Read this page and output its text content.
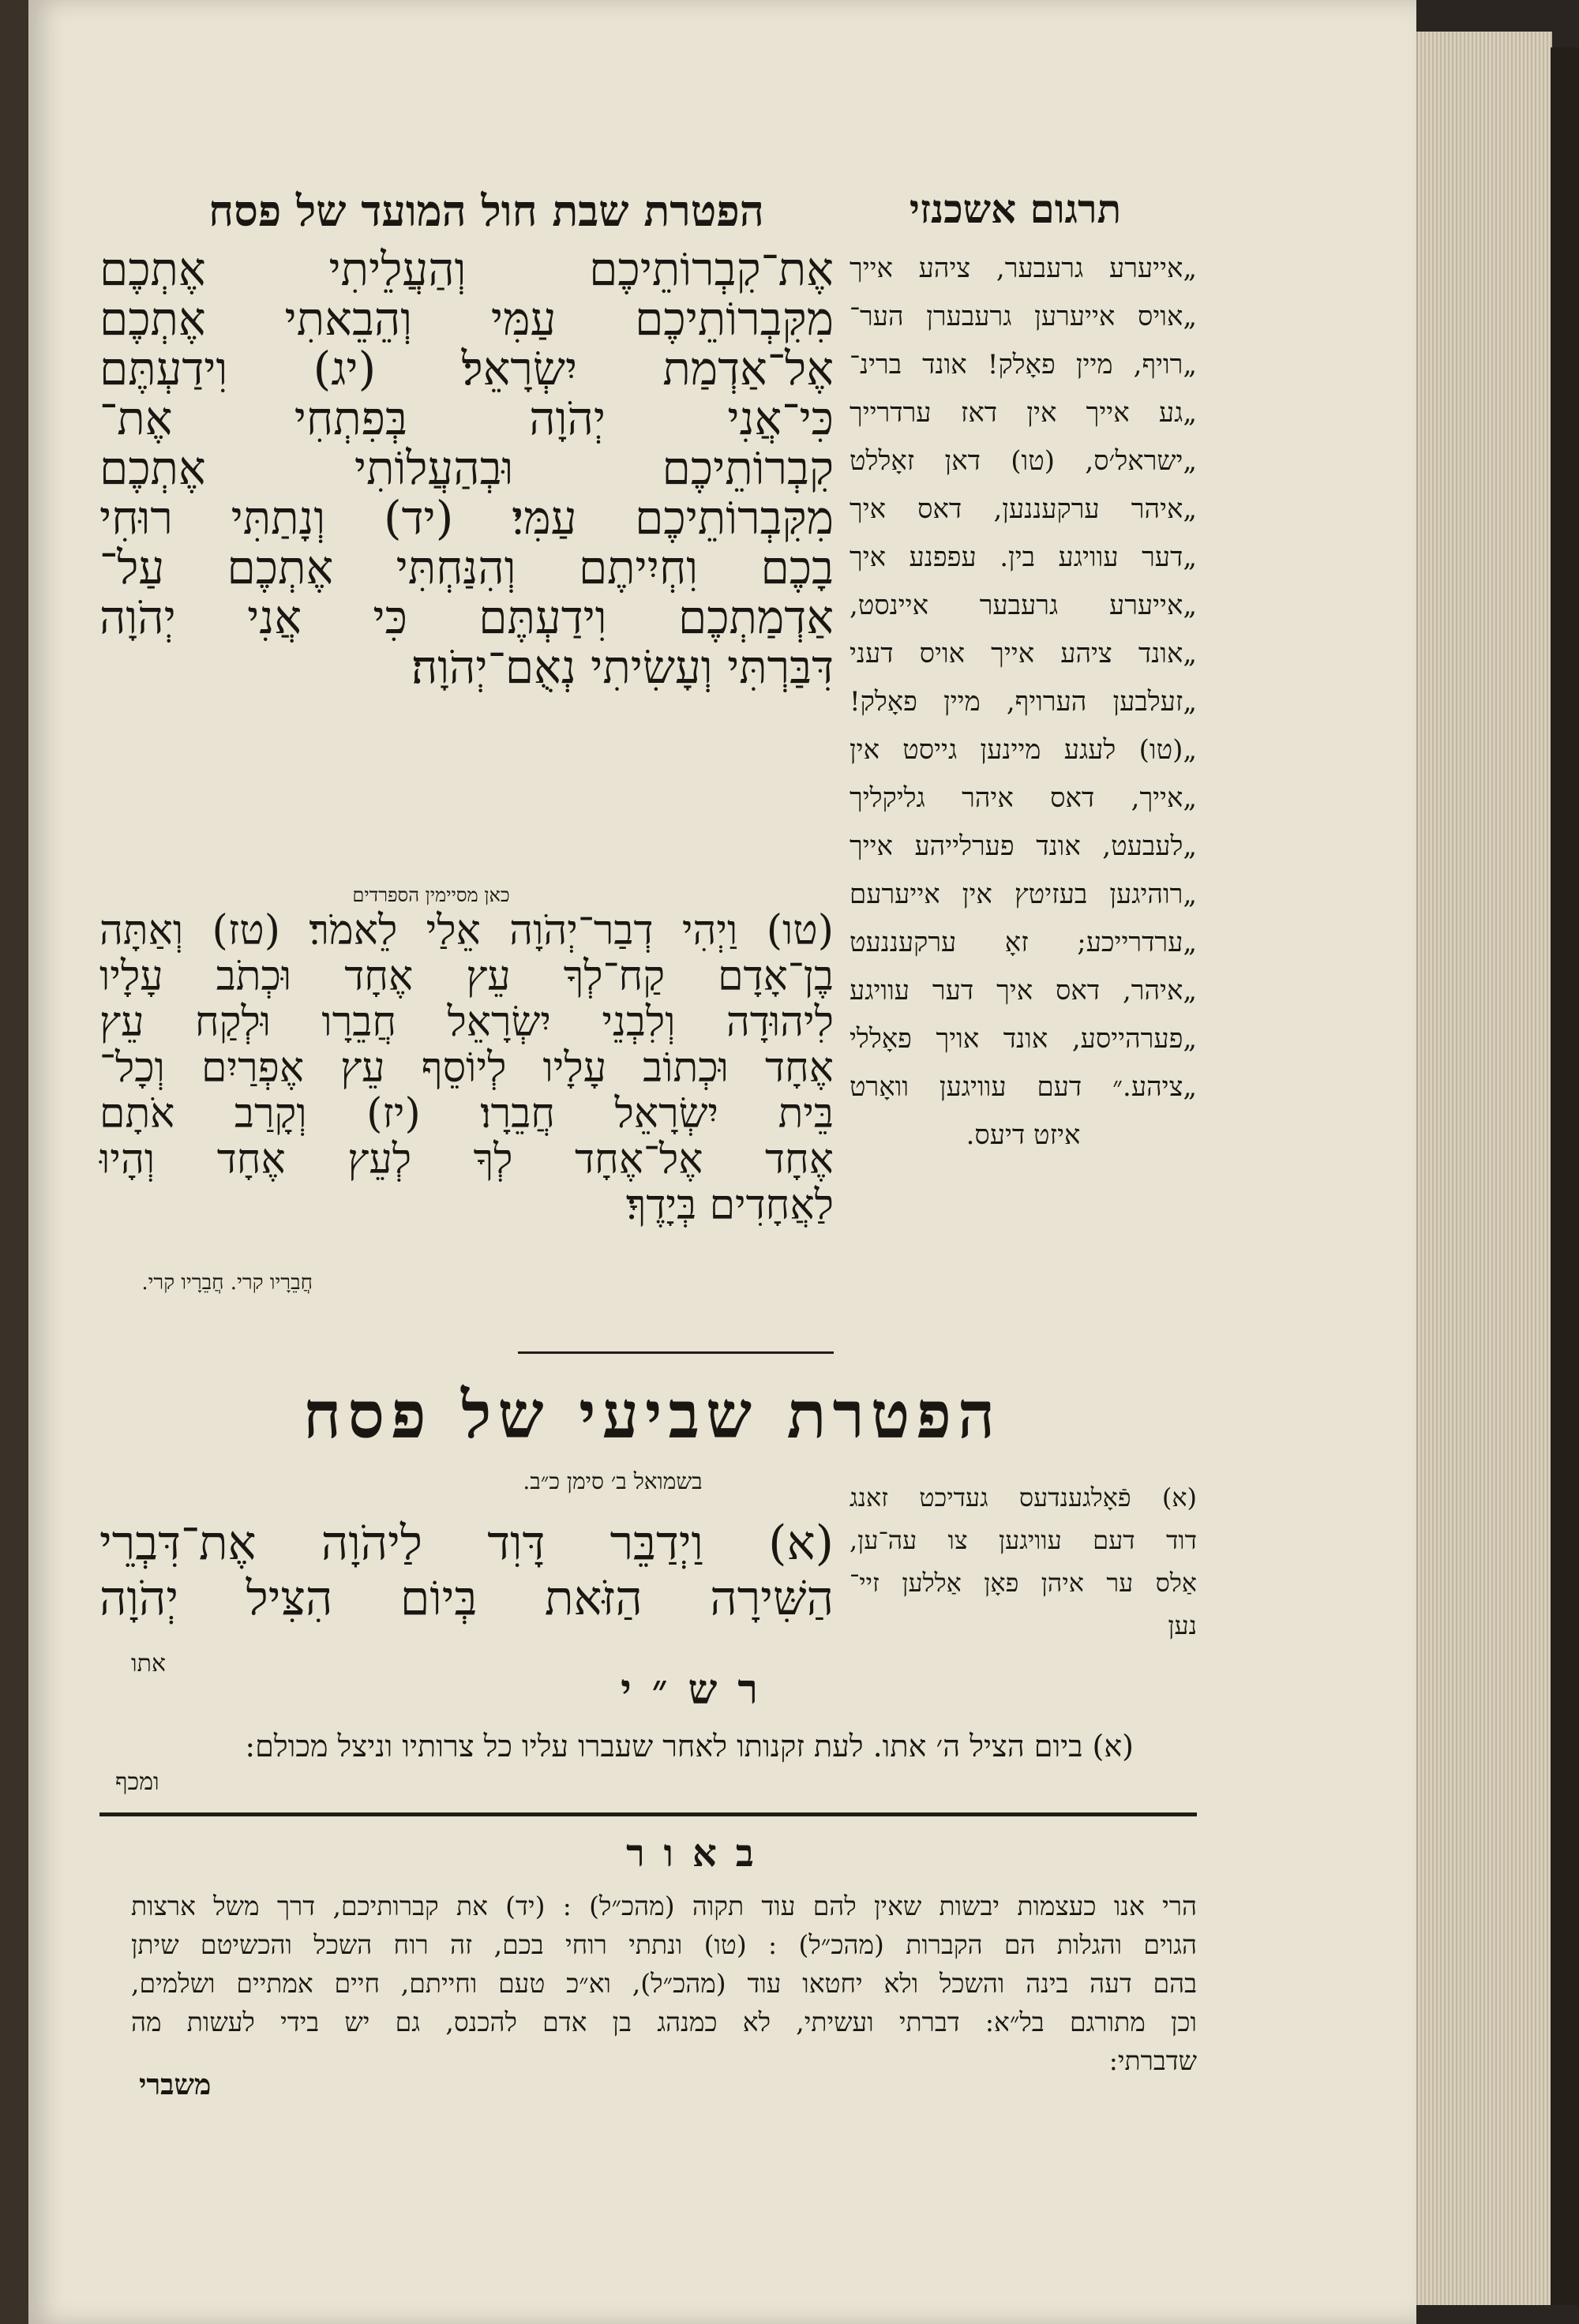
הפטרת שבת חול המועד של פסח	תרגום אשכנזי
אֶת־קִבְרוֹתֵיכֶם וְהַעֲלֵיתִי אֶתְכֶם
מִקִּבְרוֹתֵיכֶם עַמִּי וְהֵבֵאתִי אֶתְכֶם
אֶל־אַדְמַת יִשְׂרָאֵל׃ (יג) וִידַעְתֶּם
כִּי־אֲנִי יְהֹוָה בְּפִתְחִי אֶת־
קִבְרוֹתֵיכֶם וּבְהַעֲלוֹתִי אֶתְכֶם
מִקִּבְרוֹתֵיכֶם עַמִּי׃ (יד) וְנָתַתִּי רוּחִי
בָכֶם וִחְיִיתֶם וְהִנַּחְתִּי אֶתְכֶם עַל־
אַדְמַתְכֶם וִידַעְתֶּם כִּי אֲנִי יְהֹוָה
דִּבַּרְתִּי וְעָשִׂיתִי נְאֻם־יְהֹוָה׃
כאן מסיימין הספרדים
(טו) וַיְהִי דְבַר־יְהֹוָה אֵלַי לֵאמֹר׃ (טז) וְאַתָּה
בֶן־אָדָם קַח־לְךָ עֵץ אֶחָד וּכְתֹב עָלָיו
לִיהוּדָה וְלִבְנֵי יִשְׂרָאֵל חֲבֵרָו וּלְקַח עֵץ
אֶחָד וּכְתוֹב עָלָיו לְיוֹסֵף עֵץ אֶפְרַיִם וְכָל־
בֵּית יִשְׂרָאֵל חֲבֵרָו׃ (יז) וְקָרַב אֹתָם
אֶחָד אֶל־אֶחָד לְךָ לְעֵץ אֶחָד וְהָיוּ
לַאֲחָדִים בְּיָדֶךָ׃
חֲבֵרָיו קרי. חֲבֵרָיו קרי.
„אייערע גרעבער, ציהע אייך
„אויס אייערען גרעבערן הער־
„רויף, מיין פאָלק! אונד ברינ־
„גע אייך אין דאז ערדרייך
„ישראל׳ס, (טו) דאן זאָללט
„איהר ערקעננען, דאס איך
„דער עוויגע בין. עפפנע איך
„אייערע גרעבער איינסט,
„אונד ציהע אייך אויס דעני
„זעלבען הערויף, מיין פאָלק!
„(טו) לעגע מיינען גייסט אין
„אייך, דאס איהר גליקליך
„לעבעט, אונד פערלייהע אייך
„רוהיגען בעזיטץ אין אייערעם
„ערדרייכע; זאָ ערקעננעט
„איהר, דאס איך דער עוויגע
„פערהייסע, אונד אויך פאָללי
„ציהע.״ דעם עוויגען וואָרט
איזט דיעס.
הפטרת שביעי של פסח
בשמואל ב׳ סימן כ״ב.
(א) וַיְדַבֵּר דָּוִד לַיהֹוָה אֶת־דִּבְרֵי
הַשִּׁירָה הַזֹּאת בְּיוֹם הִצִּיל יְהֹוָה
אתו
(א) פֿאָלגענדעס געדיכט זאנג
דוד דעם עוויגען צו עה־ען,
אַלס ער איהן פאָן אַללען זיי־
נען
רש״י
(א) ביום הציל ה׳ אתו. לעת זקנותו לאחר שעברו עליו כל צרותיו וניצל מכולם:
ומכף
באור
הרי אנו כעצמות יבשות שאין להם עוד תקוה (מהכ״ל) : (יד) את קברותיכם, דרך משל ארצות
הגוים והגלות הם הקברות (מהכ״ל) : (טו) ונתתי רוחי בכם, זה רוח השכל והכשיטם שיתן
בהם דעה בינה והשכל ולא יחטאו עוד (מהכ״ל), וא״כ טעם וחייתם, חיים אמתיים ושלמים,
וכן מתורגם בל״א: דברתי ועשיתי, לא כמנהג בן אדם להכנס, גם יש בידי לעשות מה
שדברתי:
משברי
